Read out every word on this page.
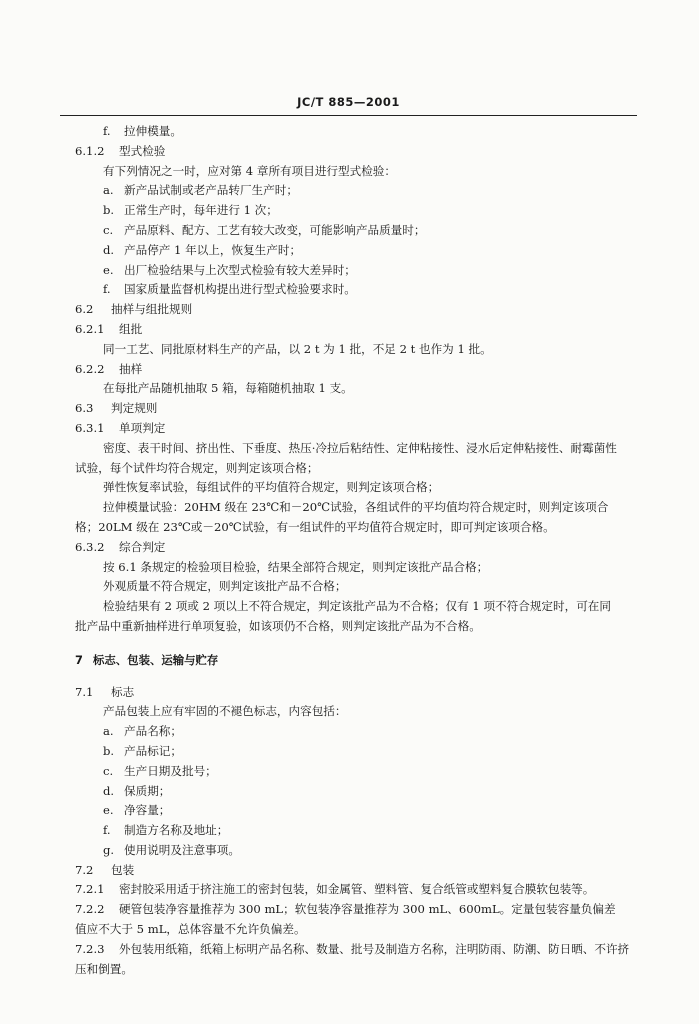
JC/T 885—2001
f. 拉伸模量。
6.1.2 型式检验
有下列情况之一时，应对第 4 章所有项目进行型式检验：
a. 新产品试制或老产品转厂生产时；
b. 正常生产时，每年进行 1 次；
c. 产品原料、配方、工艺有较大改变，可能影响产品质量时；
d. 产品停产 1 年以上，恢复生产时；
e. 出厂检验结果与上次型式检验有较大差异时；
f. 国家质量监督机构提出进行型式检验要求时。
6.2 抽样与组批规则
6.2.1 组批
同一工艺、同批原材料生产的产品，以 2 t 为 1 批，不足 2 t 也作为 1 批。
6.2.2 抽样
在每批产品随机抽取 5 箱，每箱随机抽取 1 支。
6.3 判定规则
6.3.1 单项判定
密度、表干时间、挤出性、下垂度、热压·冷拉后粘结性、定伸粘接性、浸水后定伸粘接性、耐霉菌性
试验，每个试件均符合规定，则判定该项合格；
弹性恢复率试验，每组试件的平均值符合规定，则判定该项合格；
拉伸模量试验：20HM 级在 23℃和－20℃试验，各组试件的平均值均符合规定时，则判定该项合
格；20LM 级在 23℃或－20℃试验，有一组试件的平均值符合规定时，即可判定该项合格。
6.3.2 综合判定
按 6.1 条规定的检验项目检验，结果全部符合规定，则判定该批产品合格；
外观质量不符合规定，则判定该批产品不合格；
检验结果有 2 项或 2 项以上不符合规定，判定该批产品为不合格；仅有 1 项不符合规定时，可在同
批产品中重新抽样进行单项复验，如该项仍不合格，则判定该批产品为不合格。
7 标志、包装、运输与贮存
7.1 标志
产品包装上应有牢固的不褪色标志，内容包括：
a. 产品名称；
b. 产品标记；
c. 生产日期及批号；
d. 保质期；
e. 净容量；
f. 制造方名称及地址；
g. 使用说明及注意事项。
7.2 包装
7.2.1 密封胶采用适于挤注施工的密封包装，如金属管、塑料管、复合纸管或塑料复合膜软包装等。
7.2.2 硬管包装净容量推荐为 300 mL；软包装净容量推荐为 300 mL、600mL。定量包装容量负偏差
值应不大于 5 mL，总体容量不允许负偏差。
7.2.3 外包装用纸箱，纸箱上标明产品名称、数量、批号及制造方名称，注明防雨、防潮、防日晒、不许挤
压和倒置。
